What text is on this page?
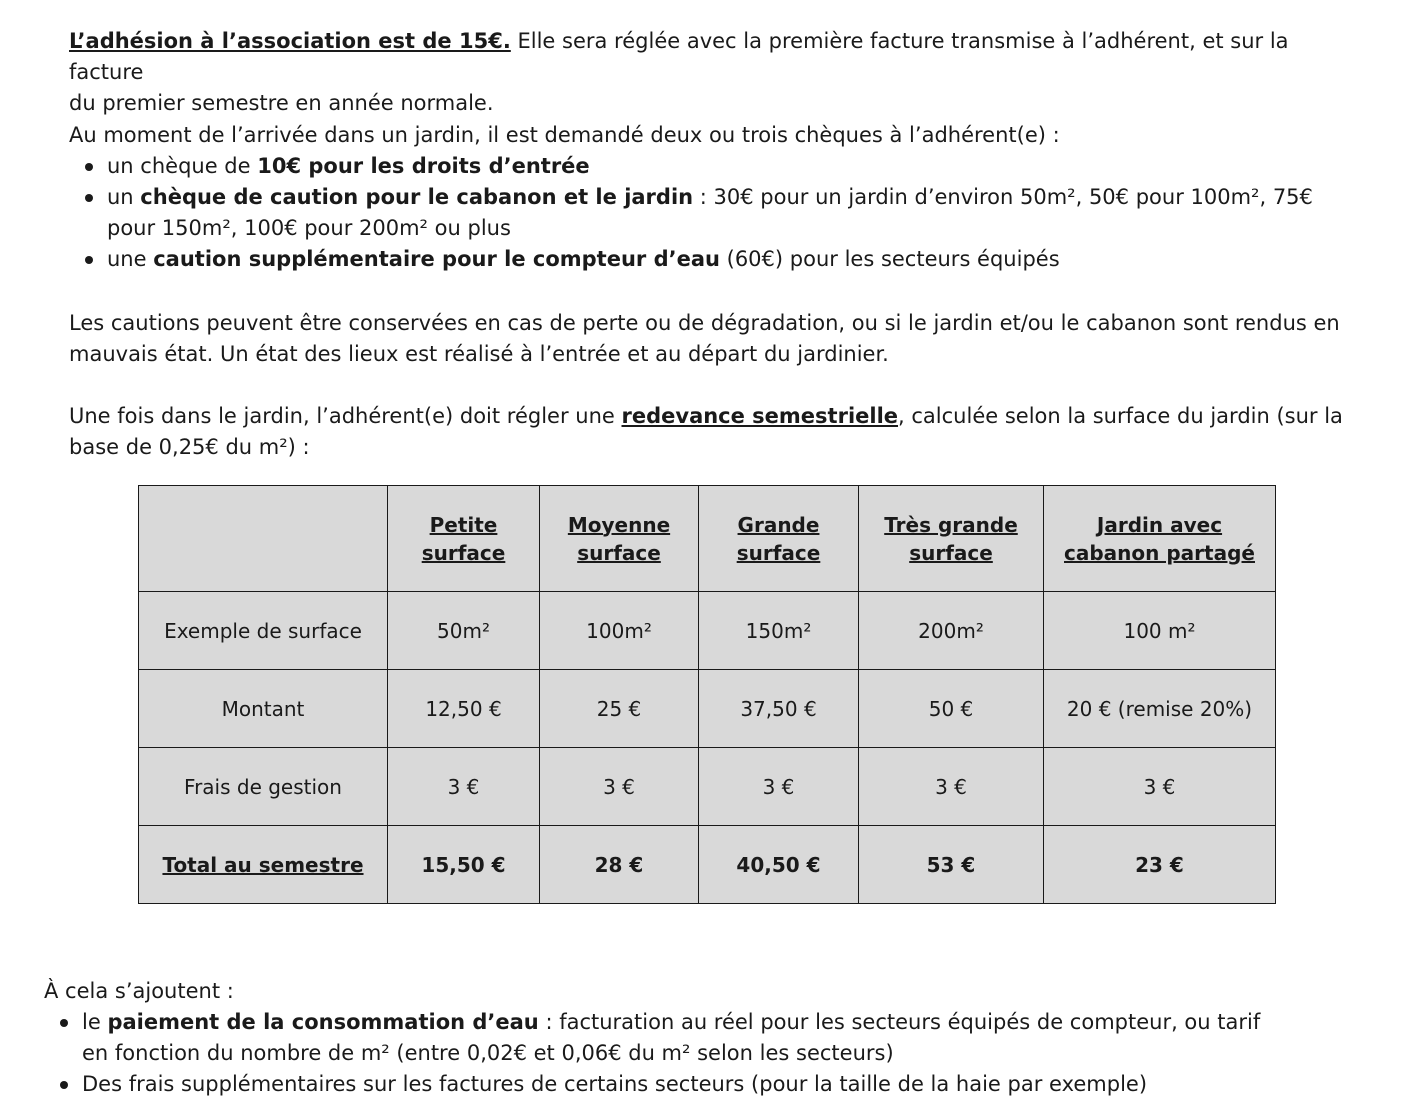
L’adhésion à l’association est de 15€. Elle sera réglée avec la première facture transmise à l’adhérent, et sur la facture
du premier semestre en année normale.

Au moment de l’arrivée dans un jardin, il est demandé deux ou trois chèques à l’adhérent(e) :

un chèque de 10€ pour les droits d’entrée
un chèque de caution pour le cabanon et le jardin : 30€ pour un jardin d’environ 50m², 50€ pour 100m², 75€ pour 150m², 100€ pour 200m² ou plus
une caution supplémentaire pour le compteur d’eau (60€) pour les secteurs équipés

Les cautions peuvent être conservées en cas de perte ou de dégradation, ou si le jardin et/ou le cabanon sont rendus en
mauvais état. Un état des lieux est réalisé à l’entrée et au départ du jardinier.

Une fois dans le jardin, l’adhérent(e) doit régler une redevance semestrielle, calculée selon la surface du jardin (sur la
base de 0,25€ du m²) :

	Petite surface	Moyenne surface	Grande surface	Très grande surface	Jardin avec cabanon partagé
Exemple de surface	50m²	100m²	150m²	200m²	100 m²
Montant	12,50 €	25 €	37,50 €	50 €	20 € (remise 20%)
Frais de gestion	3 €	3 €	3 €	3 €	3 €
Total au semestre	15,50 €	28 €	40,50 €	53 €	23 €

À cela s’ajoutent :

le paiement de la consommation d’eau : facturation au réel pour les secteurs équipés de compteur, ou tarif en fonction du nombre de m² (entre 0,02€ et 0,06€ du m² selon les secteurs)
Des frais supplémentaires sur les factures de certains secteurs (pour la taille de la haie par exemple)
